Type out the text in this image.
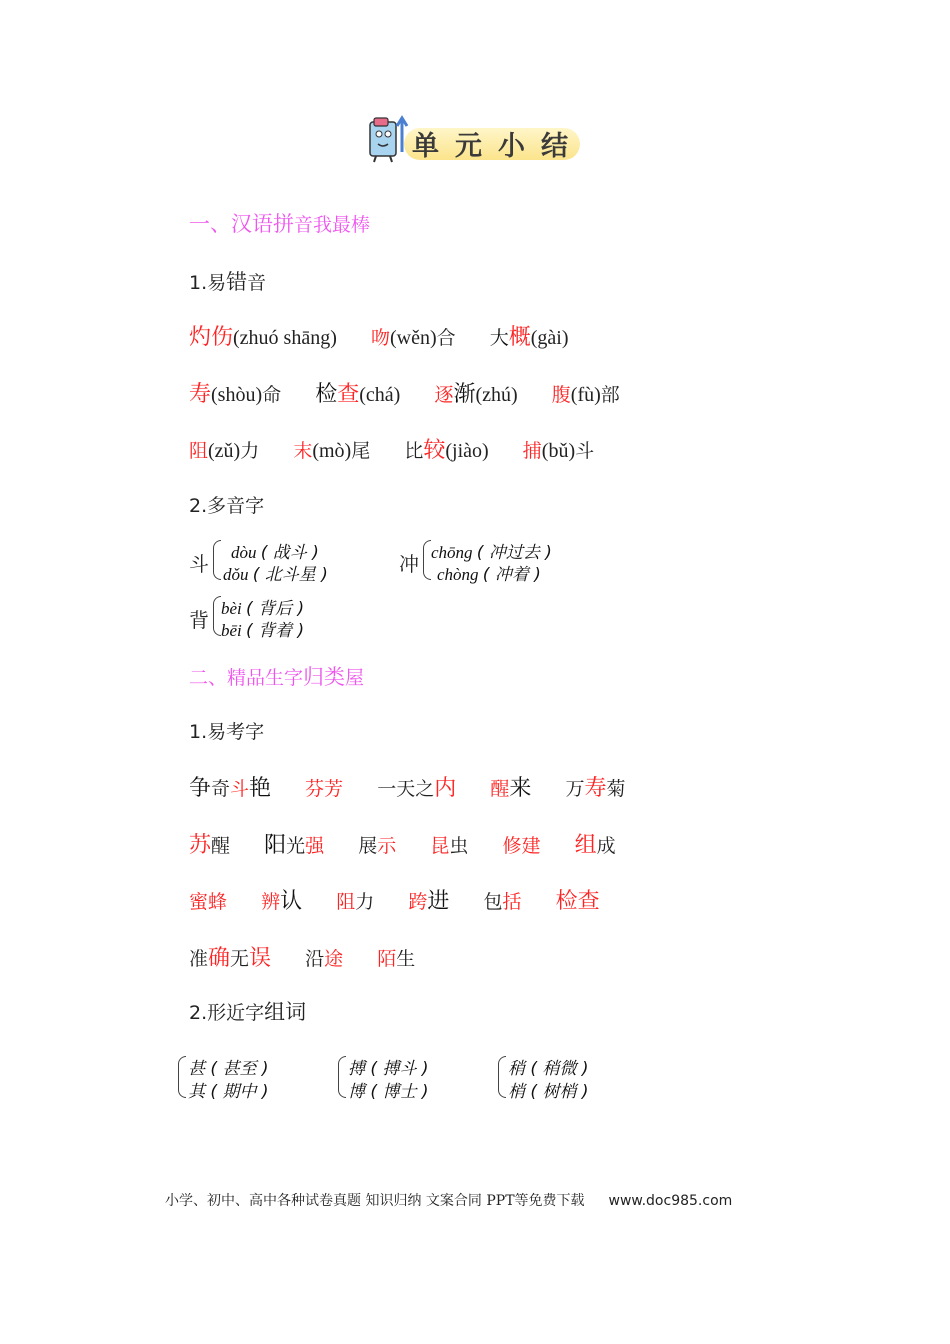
单元小结
一、汉语拼音我最棒
1.易错音
灼伤(zhuó shāng) 吻(wěn)合 大概(gài)
寿(shòu)命 检查(chá) 逐渐(zhú) 腹(fù)部
阻(zǔ)力 末(mò)尾 比较(jiào) 捕(bǔ)斗
2.多音字
斗 dòu ( 战斗 )
dǒu ( 北斗星 )	冲 chōng ( 冲过去 )
chòng ( 冲着 )
背 bèi ( 背后 )
bēi ( 背着 )
二、精品生字归类屋
1.易考字
争奇斗艳 芬芳 一天之内 醒来 万寿菊
苏醒 阳光强 展示 昆虫 修建 组成
蜜蜂 辨认 阻力 跨进 包括 检查
准确无误 沿途 陌生
2.形近字组词
甚 ( 甚至 )
其 ( 期中 )
搏 ( 搏斗 )
博 ( 博士 )
稍 ( 稍微 )
梢 ( 树梢 )
小学、初中、高中各种试卷真题 知识归纳 文案合同 PPT等免费下载 www.doc985.com
